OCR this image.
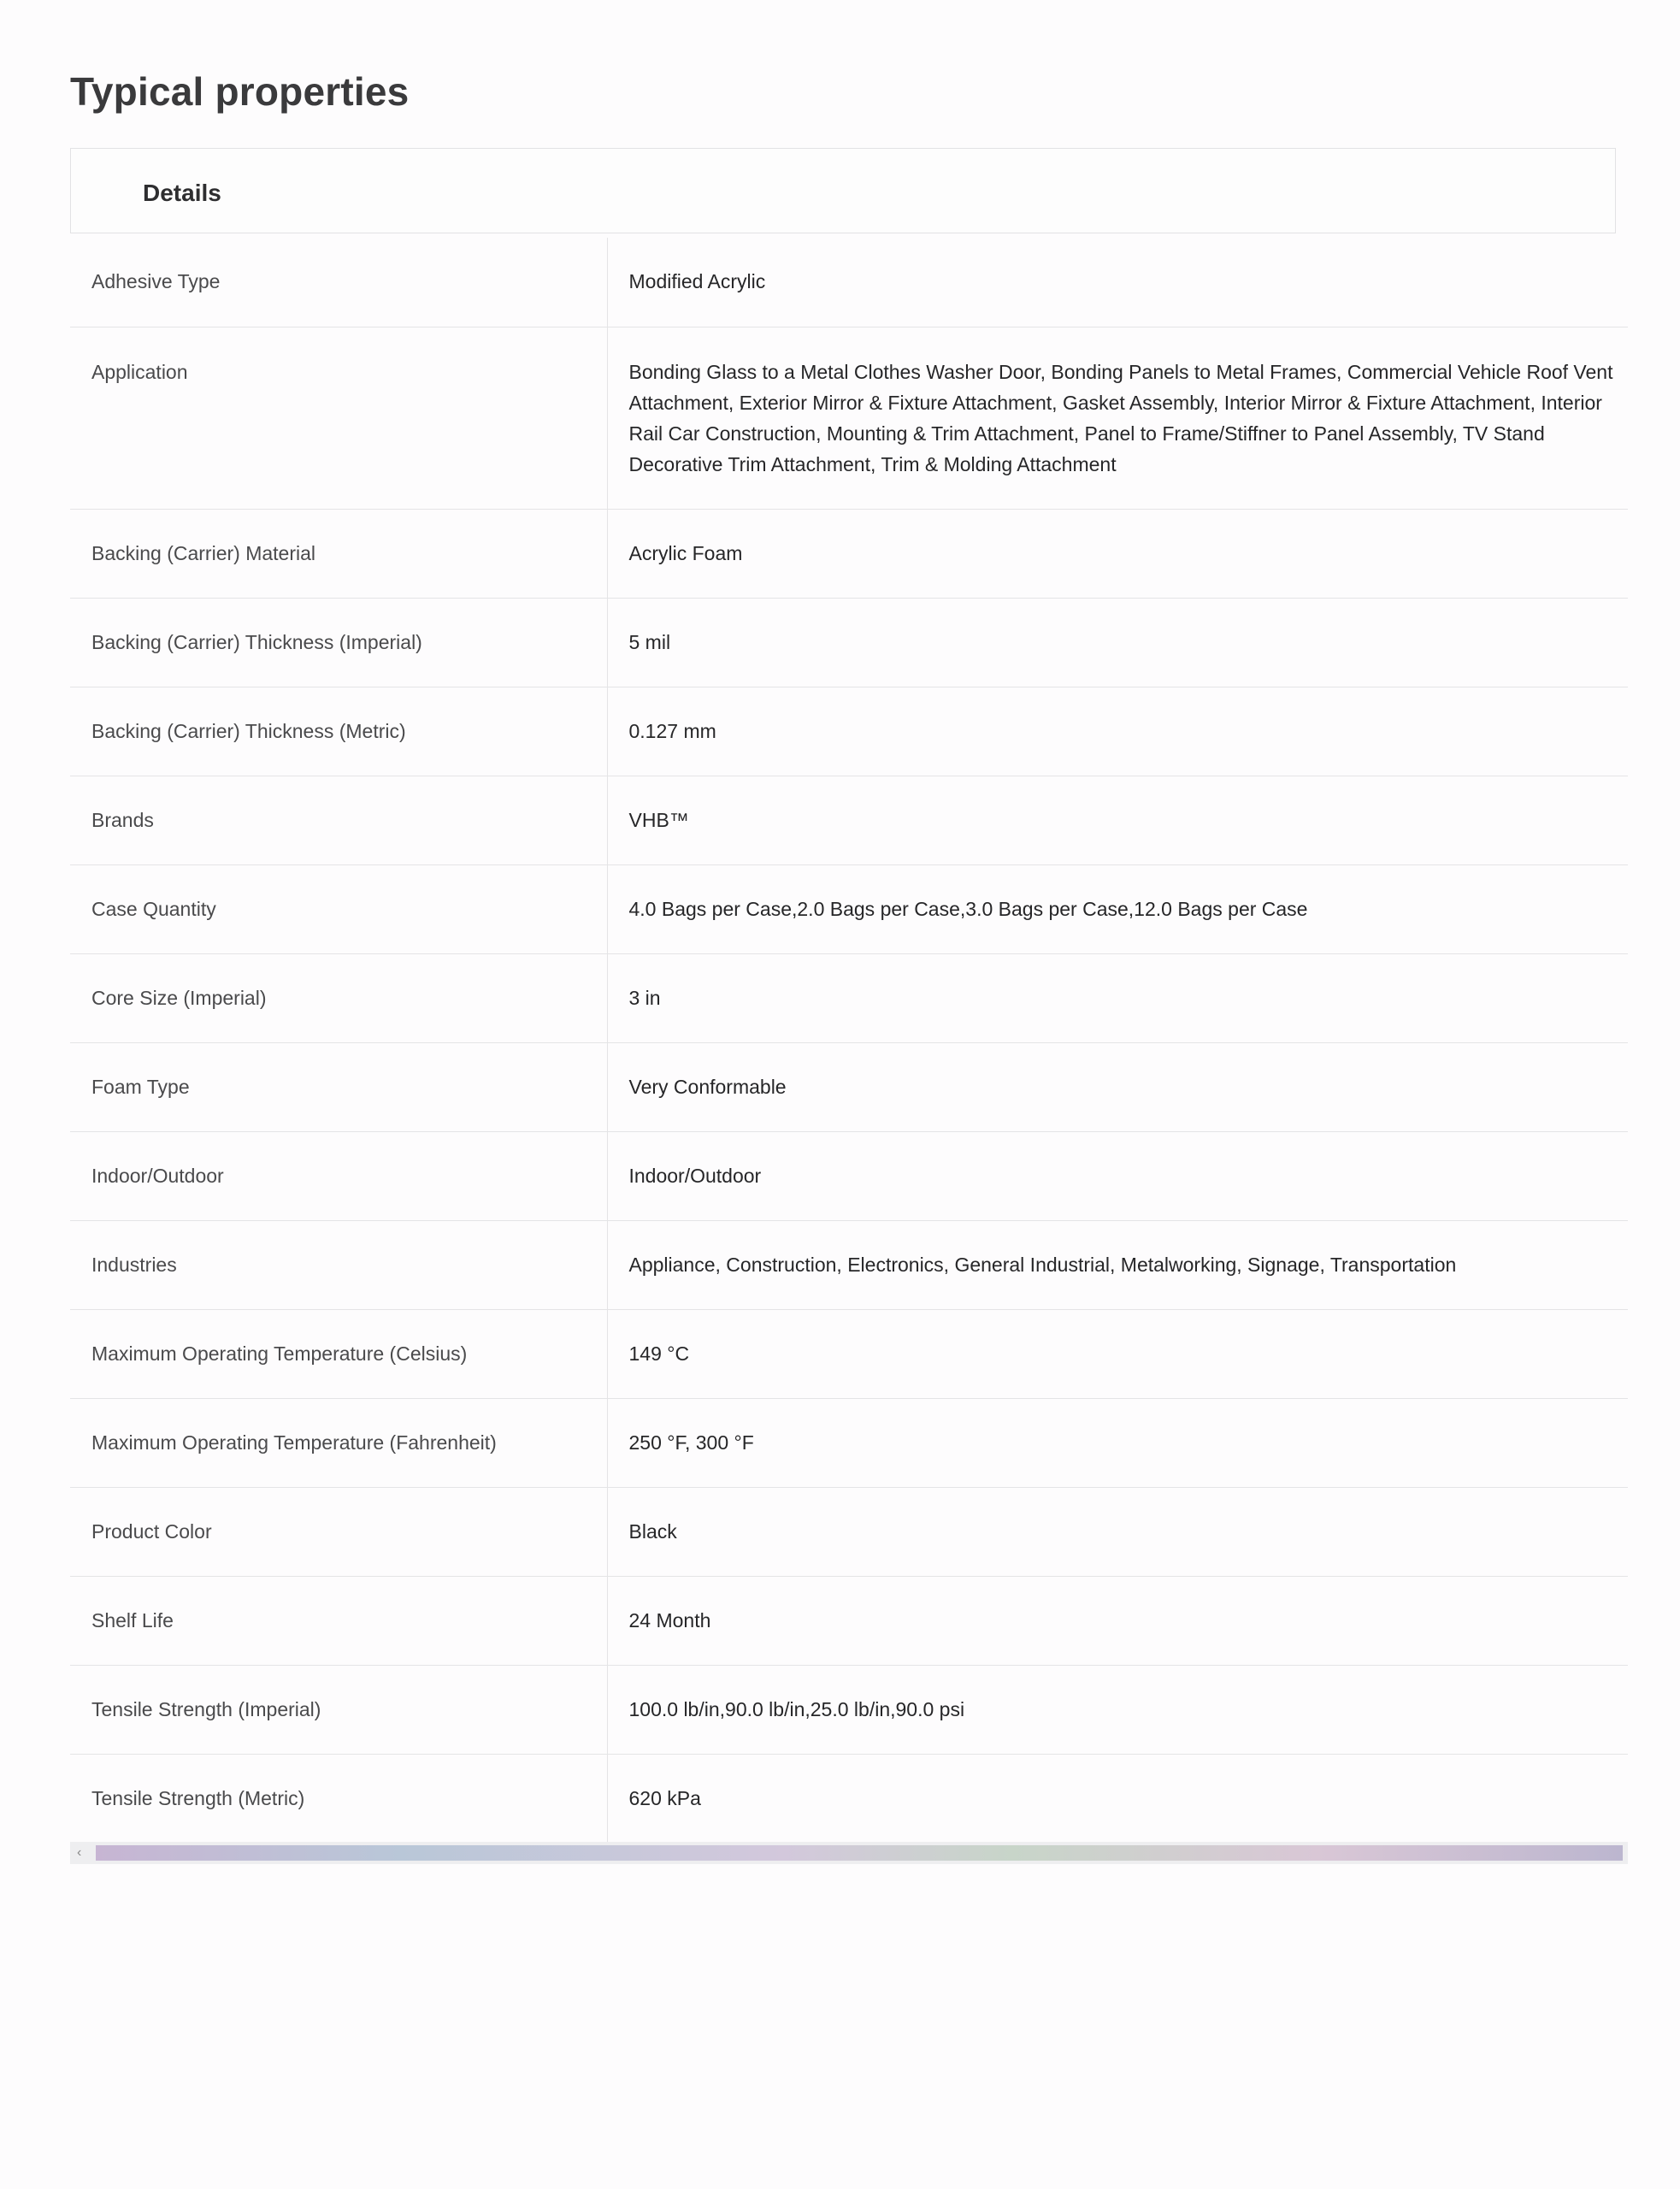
Typical properties
Details
Adhesive Type	Modified Acrylic
Application	Bonding Glass to a Metal Clothes Washer Door, Bonding Panels to Metal Frames, Commercial Vehicle Roof Vent Attachment, Exterior Mirror & Fixture Attachment, Gasket Assembly, Interior Mirror & Fixture Attachment, Interior Rail Car Construction, Mounting & Trim Attachment, Panel to Frame/Stiffner to Panel Assembly, TV Stand Decorative Trim Attachment, Trim & Molding Attachment
Backing (Carrier) Material	Acrylic Foam
Backing (Carrier) Thickness (Imperial)	5 mil
Backing (Carrier) Thickness (Metric)	0.127 mm
Brands	VHB™
Case Quantity	4.0 Bags per Case,2.0 Bags per Case,3.0 Bags per Case,12.0 Bags per Case
Core Size (Imperial)	3 in
Foam Type	Very Conformable
Indoor/Outdoor	Indoor/Outdoor
Industries	Appliance, Construction, Electronics, General Industrial, Metalworking, Signage, Transportation
Maximum Operating Temperature (Celsius)	149 °C
Maximum Operating Temperature (Fahrenheit)	250 °F, 300 °F
Product Color	Black
Shelf Life	24 Month
Tensile Strength (Imperial)	100.0 lb/in,90.0 lb/in,25.0 lb/in,90.0 psi
Tensile Strength (Metric)	620 kPa
‹
